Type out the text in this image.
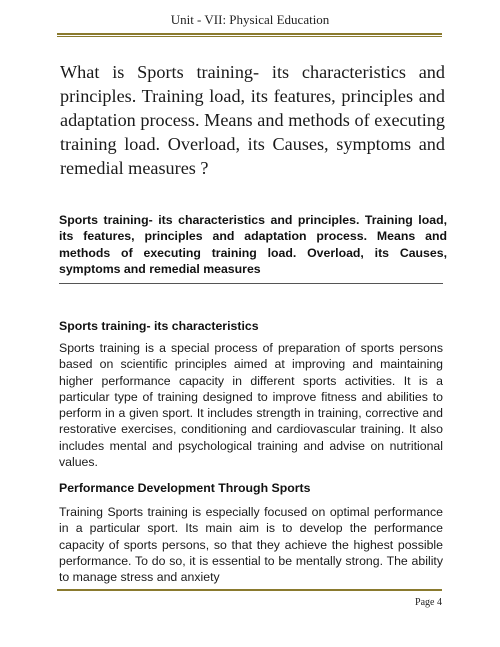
Unit - VII: Physical Education

What is Sports training- its characteristics and principles. Training load, its features, principles and adaptation process. Means and methods of executing training load. Overload, its Causes, symptoms and remedial measures ?

Sports training- its characteristics and principles. Training load, its features, principles and adaptation process. Means and methods of executing training load. Overload, its Causes, symptoms and remedial measures

Sports training- its characteristics

Sports training is a special process of preparation of sports persons based on scientific principles aimed at improving and maintaining higher performance capacity in different sports activities. It is a particular type of training designed to improve fitness and abilities to perform in a given sport. It includes strength in training, corrective and restorative exercises, conditioning and cardiovascular training. It also includes mental and psychological training and advise on nutritional values.

Performance Development Through Sports

Training Sports training is especially focused on optimal performance in a particular sport. Its main aim is to develop the performance capacity of sports persons, so that they achieve the highest possible performance. To do so, it is essential to be mentally strong. The ability to manage stress and anxiety

Page 4
